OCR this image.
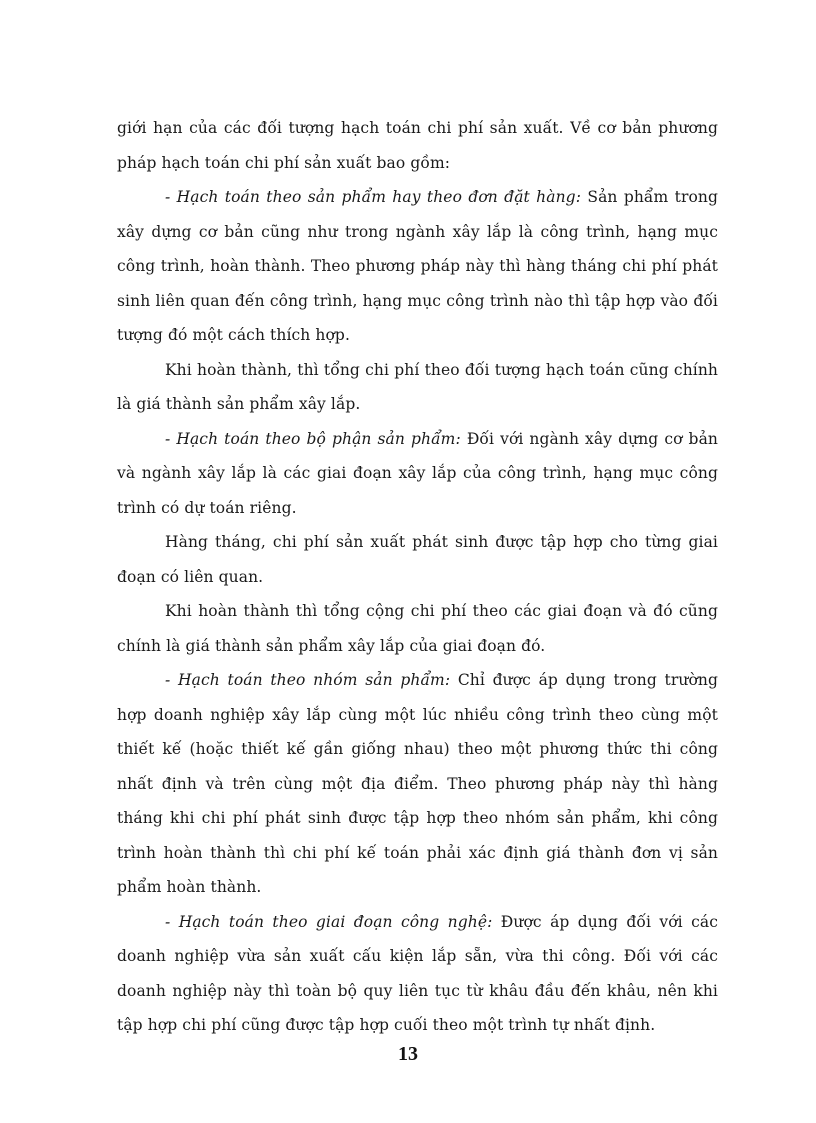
giới hạn của các đối tượng hạch toán chi phí sản xuất. Về cơ bản phương pháp hạch toán chi phí sản xuất bao gồm:

- Hạch toán theo sản phẩm hay theo đơn đặt hàng: Sản phẩm trong xây dựng cơ bản cũng như trong ngành xây lắp là công trình, hạng mục công trình, hoàn thành. Theo phương pháp này thì hàng tháng chi phí phát sinh liên quan đến công trình, hạng mục công trình nào thì tập hợp vào đối tượng đó một cách thích hợp.

Khi hoàn thành, thì tổng chi phí theo đối tượng hạch toán cũng chính là giá thành sản phẩm xây lắp.

- Hạch toán theo bộ phận sản phẩm: Đối với ngành xây dựng cơ bản và ngành xây lắp là các giai đoạn xây lắp của công trình, hạng mục công trình có dự toán riêng.

Hàng tháng, chi phí sản xuất phát sinh được tập hợp cho từng giai đoạn có liên quan.

Khi hoàn thành thì tổng cộng chi phí theo các giai đoạn và đó cũng chính là giá thành sản phẩm xây lắp của giai đoạn đó.

- Hạch toán theo nhóm sản phẩm: Chỉ được áp dụng trong trường hợp doanh nghiệp xây lắp cùng một lúc nhiều công trình theo cùng một thiết kế (hoặc thiết kế gần giống nhau) theo một phương thức thi công nhất định và trên cùng một địa điểm. Theo phương pháp này thì hàng tháng khi chi phí phát sinh được tập hợp theo nhóm sản phẩm, khi công trình hoàn thành thì chi phí kế toán phải xác định giá thành đơn vị sản phẩm hoàn thành.

- Hạch toán theo giai đoạn công nghệ: Được áp dụng đối với các doanh nghiệp vừa sản xuất cấu kiện lắp sẵn, vừa thi công. Đối với các doanh nghiệp này thì toàn bộ quy liên tục từ khâu đầu đến khâu, nên khi tập hợp chi phí cũng được tập hợp cuối theo một trình tự nhất định.

13
